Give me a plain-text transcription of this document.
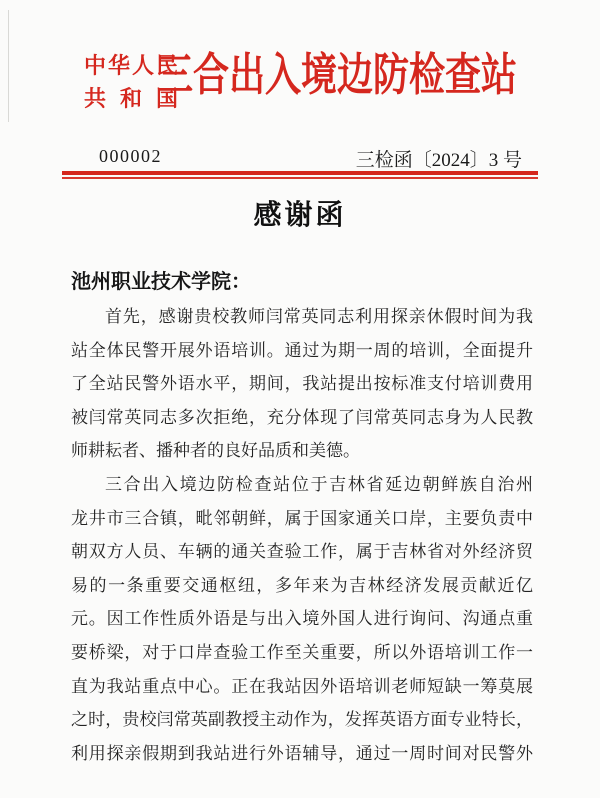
中华人民
共和国
三合出入境边防检查站
000002	三检函〔2024〕3 号
感谢函
池州职业技术学院：
首先，感谢贵校教师闫常英同志利用探亲休假时间为我
站全体民警开展外语培训。通过为期一周的培训，全面提升
了全站民警外语水平，期间，我站提出按标准支付培训费用
被闫常英同志多次拒绝，充分体现了闫常英同志身为人民教
师耕耘者、播种者的良好品质和美德。
三合出入境边防检查站位于吉林省延边朝鲜族自治州
龙井市三合镇，毗邻朝鲜，属于国家通关口岸，主要负责中
朝双方人员、车辆的通关查验工作，属于吉林省对外经济贸
易的一条重要交通枢纽，多年来为吉林经济发展贡献近亿
元。因工作性质外语是与出入境外国人进行询问、沟通点重
要桥梁，对于口岸查验工作至关重要，所以外语培训工作一
直为我站重点中心。正在我站因外语培训老师短缺一筹莫展
之时，贵校闫常英副教授主动作为，发挥英语方面专业特长，
利用探亲假期到我站进行外语辅导，通过一周时间对民警外
